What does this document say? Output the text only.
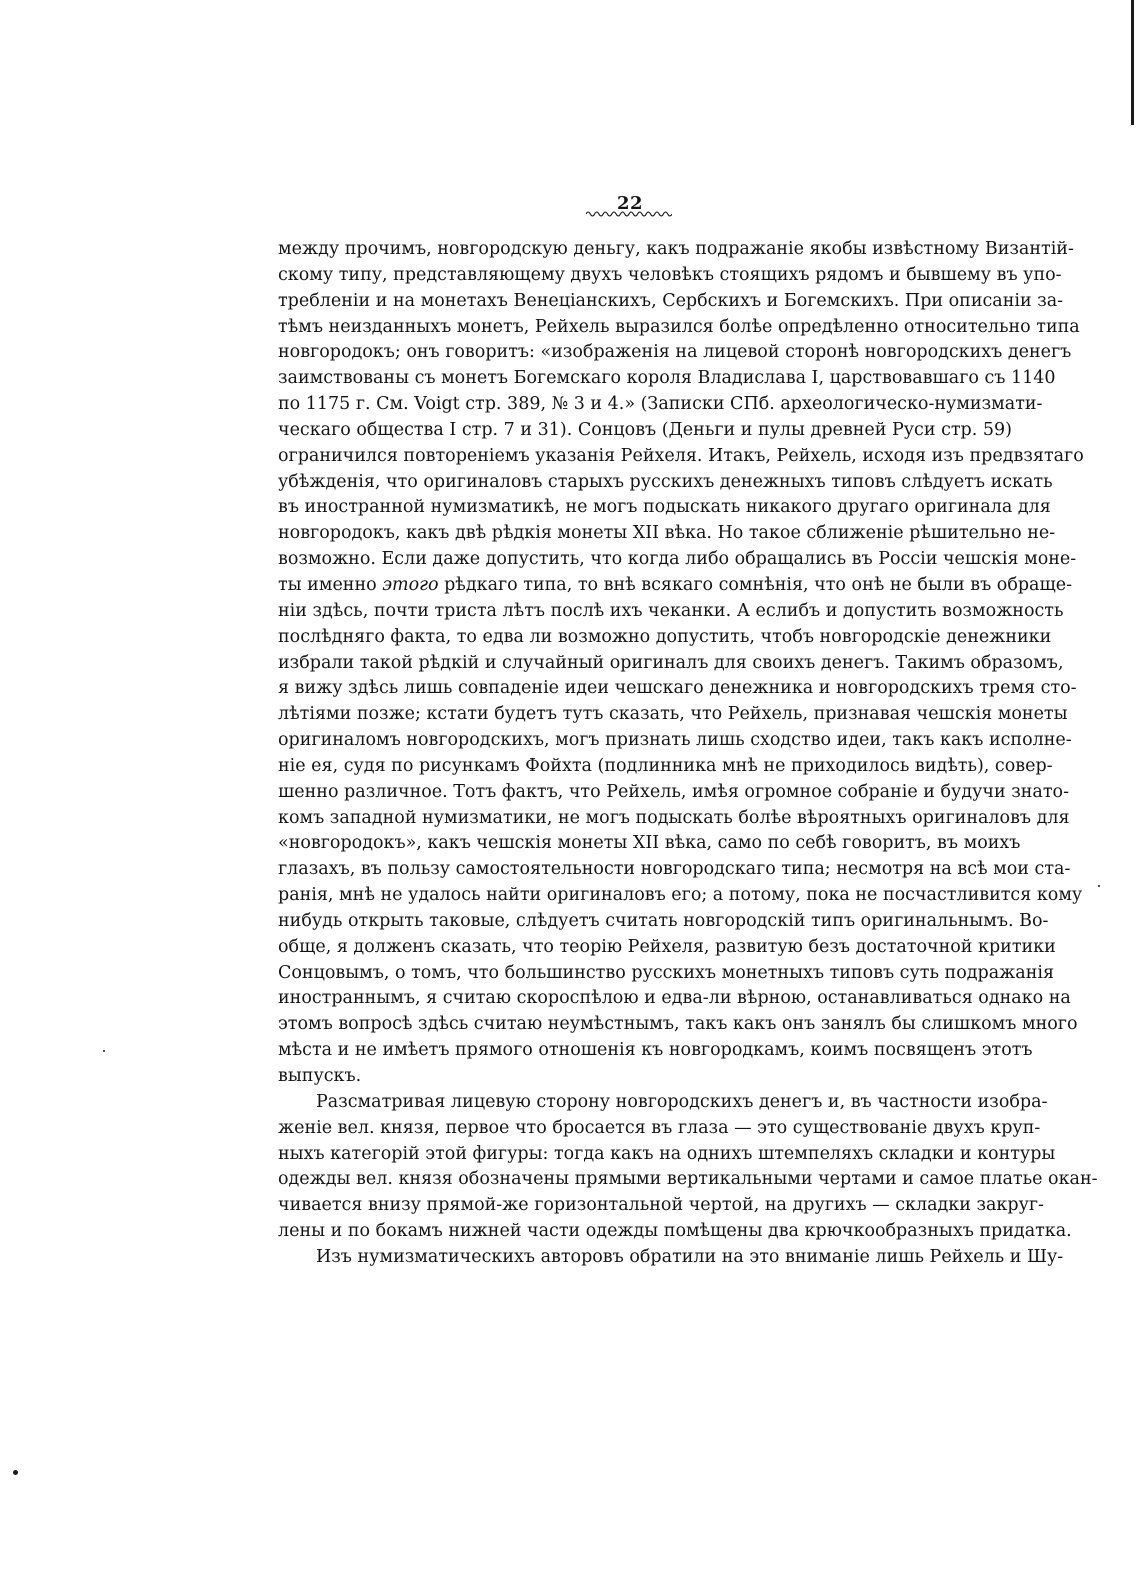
22
между прочимъ, новгородскую деньгу, какъ подражаніе якобы извѣстному Византій-
скому типу, представляющему двухъ человѣкъ стоящихъ рядомъ и бывшему въ упо-
требленіи и на монетахъ Венеціанскихъ, Сербскихъ и Богемскихъ. При описаніи за-
тѣмъ неизданныхъ монетъ, Рейхель выразился болѣе опредѣленно относительно типа
новгородокъ; онъ говоритъ: «изображенія на лицевой сторонѣ новгородскихъ денегъ
заимствованы съ монетъ Богемскаго короля Владислава I, царствовавшаго съ 1140
по 1175 г. См. Voigt стр. 389, № 3 и 4.» (Записки СПб. археологическо-нумизмати-
ческаго общества I стр. 7 и 31). Сонцовъ (Деньги и пулы древней Руси стр. 59)
ограничился повтореніемъ указанія Рейхеля. Итакъ, Рейхель, исходя изъ предвзятаго
убѣжденія, что оригиналовъ старыхъ русскихъ денежныхъ типовъ слѣдуетъ искать
въ иностранной нумизматикѣ, не могъ подыскать никакого другаго оригинала для
новгородокъ, какъ двѣ рѣдкія монеты XII вѣка. Но такое сближеніе рѣшительно не-
возможно. Если даже допустить, что когда либо обращались въ Россіи чешскія моне-
ты именно этого рѣдкаго типа, то внѣ всякаго сомнѣнія, что онѣ не были въ обраще-
ніи здѣсь, почти триста лѣтъ послѣ ихъ чеканки. А еслибъ и допустить возможность
послѣдняго факта, то едва ли возможно допустить, чтобъ новгородскіе денежники
избрали такой рѣдкій и случайный оригиналъ для своихъ денегъ. Такимъ образомъ,
я вижу здѣсь лишь совпаденіе идеи чешскаго денежника и новгородскихъ тремя сто-
лѣтіями позже; кстати будетъ тутъ сказать, что Рейхель, признавая чешскія монеты
оригиналомъ новгородскихъ, могъ признать лишь сходство идеи, такъ какъ исполне-
ніе ея, судя по рисункамъ Фойхта (подлинника мнѣ не приходилось видѣть), совер-
шенно различное. Тотъ фактъ, что Рейхель, имѣя огромное собраніе и будучи знато-
комъ западной нумизматики, не могъ подыскать болѣе вѣроятныхъ оригиналовъ для
«новгородокъ», какъ чешскія монеты XII вѣка, само по себѣ говоритъ, въ моихъ
глазахъ, въ пользу самостоятельности новгородскаго типа; несмотря на всѣ мои ста-
ранія, мнѣ не удалось найти оригиналовъ его; а потому, пока не посчастливится кому
нибудь открыть таковые, слѣдуетъ считать новгородскій типъ оригинальнымъ. Во-
обще, я долженъ сказать, что теорію Рейхеля, развитую безъ достаточной критики
Сонцовымъ, о томъ, что большинство русскихъ монетныхъ типовъ суть подражанія
иностраннымъ, я считаю скороспѣлою и едва-ли вѣрною, останавливаться однако на
этомъ вопросѣ здѣсь считаю неумѣстнымъ, такъ какъ онъ занялъ бы слишкомъ много
мѣста и не имѣетъ прямого отношенія къ новгородкамъ, коимъ посвященъ этотъ
выпускъ.
Разсматривая лицевую сторону новгородскихъ денегъ и, въ частности изобра-
женіе вел. князя, первое что бросается въ глаза — это существованіе двухъ круп-
ныхъ категорій этой фигуры: тогда какъ на однихъ штемпеляхъ складки и контуры
одежды вел. князя обозначены прямыми вертикальными чертами и самое платье окан-
чивается внизу прямой-же горизонтальной чертой, на другихъ — складки закруг-
лены и по бокамъ нижней части одежды помѣщены два крючкообразныхъ придатка.
Изъ нумизматическихъ авторовъ обратили на это вниманіе лишь Рейхель и Шу-
